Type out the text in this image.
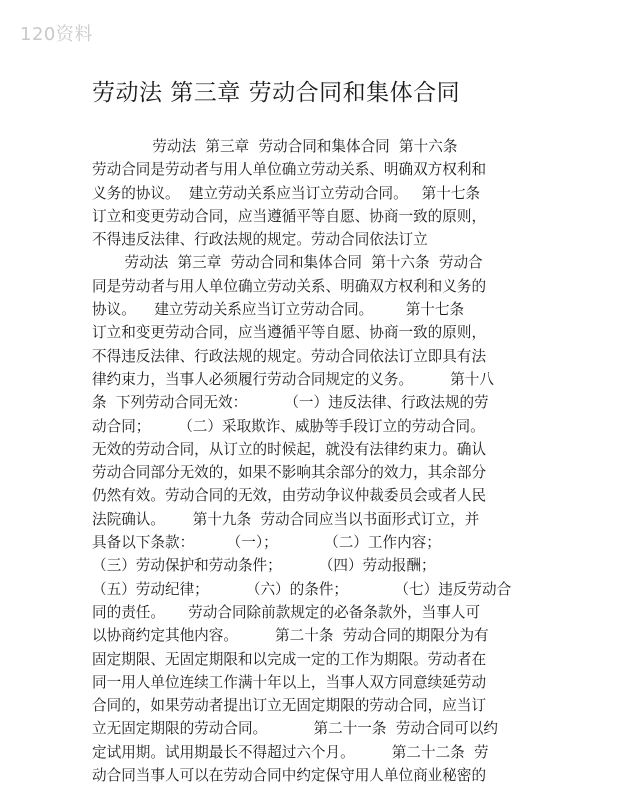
120资料
劳动法 第三章 劳动合同和集体合同
劳动法  第三章  劳动合同和集体合同  第十六条
劳动合同是劳动者与用人单位确立劳动关系、明确双方权利和
义务的协议。  建立劳动关系应当订立劳动合同。   第十七条
订立和变更劳动合同，应当遵循平等自愿、协商一致的原则，
不得违反法律、行政法规的规定。劳动合同依法订立
劳动法  第三章  劳动合同和集体合同  第十六条  劳动合
同是劳动者与用人单位确立劳动关系、明确双方权利和义务的
协议。    建立劳动关系应当订立劳动合同。       第十七条
订立和变更劳动合同，应当遵循平等自愿、协商一致的原则，
不得违反法律、行政法规的规定。劳动合同依法订立即具有法
律约束力，当事人必须履行劳动合同规定的义务。        第十八
条  下列劳动合同无效：        （一）违反法律、行政法规的劳
动合同；      （二）采取欺诈、威胁等手段订立的劳动合同。
无效的劳动合同，从订立的时候起，就没有法律约束力。确认
劳动合同部分无效的，如果不影响其余部分的效力，其余部分
仍然有效。劳动合同的无效，由劳动争议仲裁委员会或者人民
法院确认。      第十九条  劳动合同应当以书面形式订立，并
具备以下条款：       （一）；          （二）工作内容；
（三）劳动保护和劳动条件；        （四）劳动报酬；
（五）劳动纪律；        （六）的条件；          （七）违反劳动合
同的责任。     劳动合同除前款规定的必备条款外，当事人可
以协商约定其他内容。        第二十条  劳动合同的期限分为有
固定期限、无固定期限和以完成一定的工作为期限。劳动者在
同一用人单位连续工作满十年以上，当事人双方同意续延劳动
合同的，如果劳动者提出订立无固定期限的劳动合同，应当订
立无固定期限的劳动合同。          第二十一条  劳动合同可以约
定试用期。试用期最长不得超过六个月。        第二十二条  劳
动合同当事人可以在劳动合同中约定保守用人单位商业秘密的
